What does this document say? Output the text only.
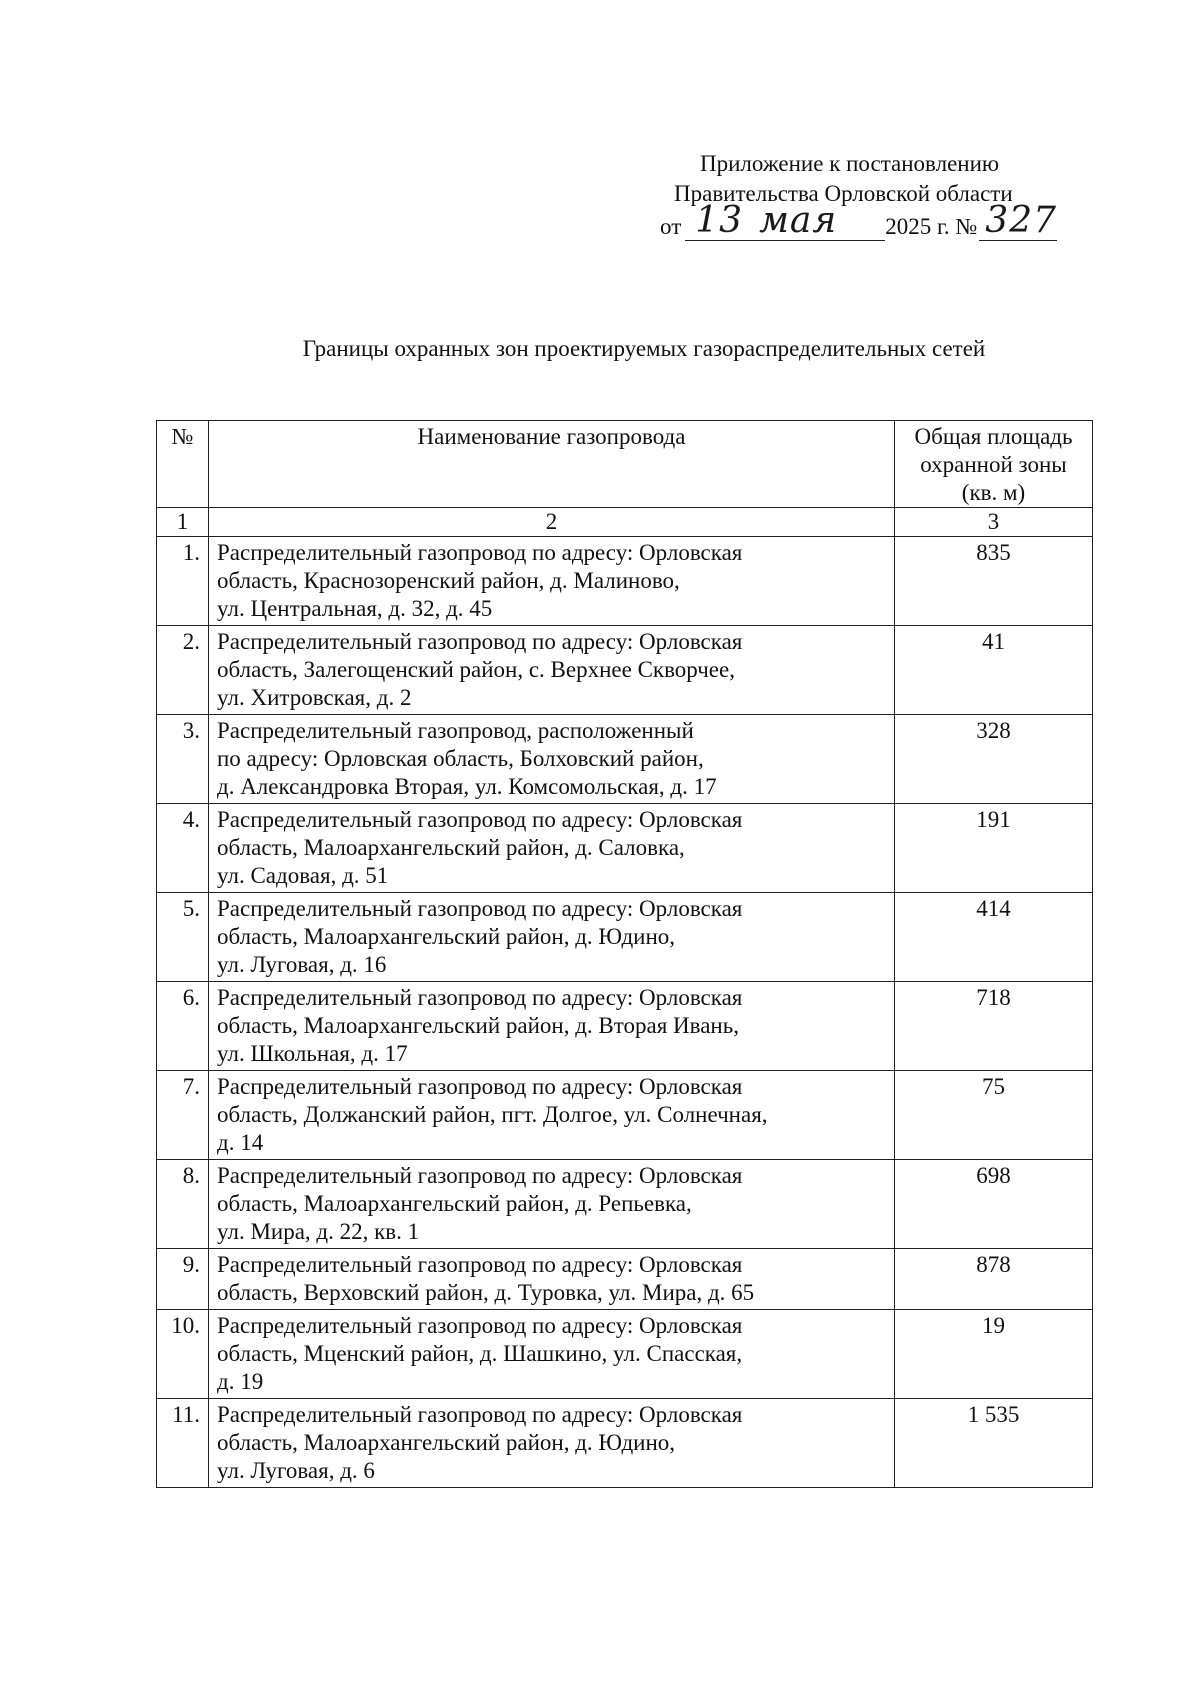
Приложение к постановлению
Правительства Орловской области
от 13 мая 2025 г. № 327
Границы охранных зон проектируемых газораспределительных сетей
№	Наименование газопровода	Общая площадь
охранной зоны
(кв. м)

1	2	3
1.	Распределительный газопровод по адресу: Орловская
область, Краснозоренский район, д. Малиново,
ул. Центральная, д. 32, д. 45	835
2.	Распределительный газопровод по адресу: Орловская
область, Залегощенский район, с. Верхнее Скворчее,
ул. Хитровская, д. 2	41
3.	Распределительный газопровод, расположенный
по адресу: Орловская область, Болховский район,
д. Александровка Вторая, ул. Комсомольская, д. 17	328
4.	Распределительный газопровод по адресу: Орловская
область, Малоархангельский район, д. Саловка,
ул. Садовая, д. 51	191
5.	Распределительный газопровод по адресу: Орловская
область, Малоархангельский район, д. Юдино,
ул. Луговая, д. 16	414
6.	Распределительный газопровод по адресу: Орловская
область, Малоархангельский район, д. Вторая Ивань,
ул. Школьная, д. 17	718
7.	Распределительный газопровод по адресу: Орловская
область, Должанский район, пгт. Долгое, ул. Солнечная,
д. 14	75
8.	Распределительный газопровод по адресу: Орловская
область, Малоархангельский район, д. Репьевка,
ул. Мира, д. 22, кв. 1	698
9.	Распределительный газопровод по адресу: Орловская
область, Верховский район, д. Туровка, ул. Мира, д. 65	878
10.	Распределительный газопровод по адресу: Орловская
область, Мценский район, д. Шашкино, ул. Спасская,
д. 19	19
11.	Распределительный газопровод по адресу: Орловская
область, Малоархангельский район, д. Юдино,
ул. Луговая, д. 6	1 535
